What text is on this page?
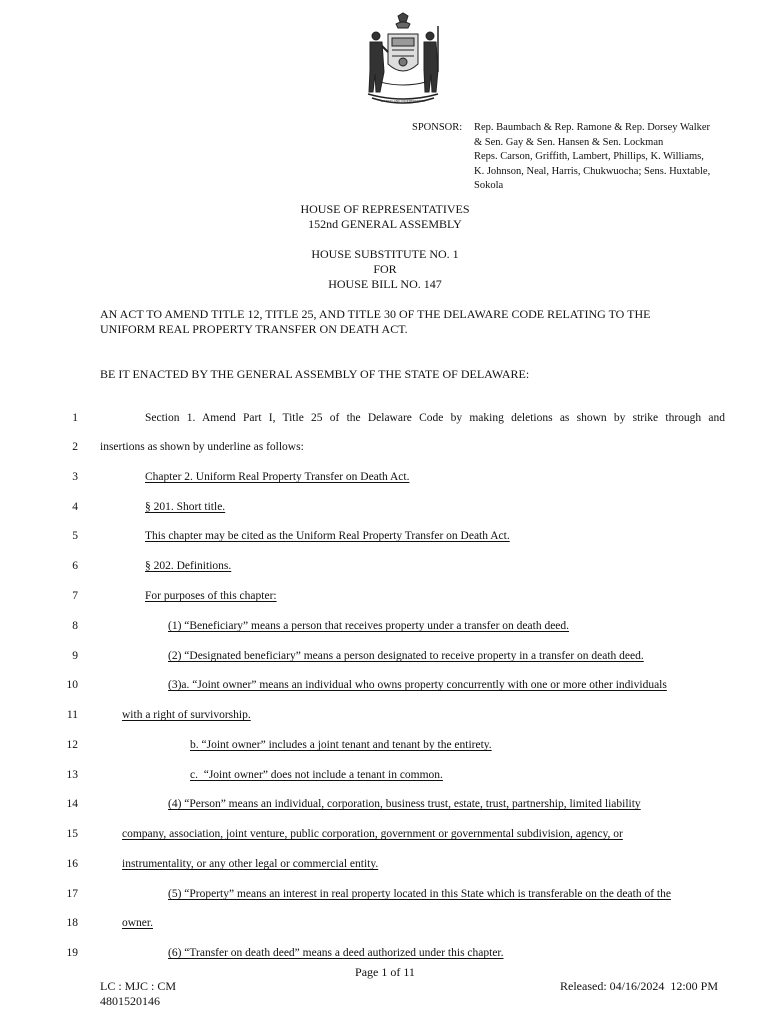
LIBERTY AND INDEPENDENCE
SPONSOR: Rep. Baumbach & Rep. Ramone & Rep. Dorsey Walker
& Sen. Gay & Sen. Hansen & Sen. Lockman
Reps. Carson, Griffith, Lambert, Phillips, K. Williams,
K. Johnson, Neal, Harris, Chukwuocha; Sens. Huxtable,
Sokola
HOUSE OF REPRESENTATIVES
152nd GENERAL ASSEMBLY
HOUSE SUBSTITUTE NO. 1
FOR
HOUSE BILL NO. 147
AN ACT TO AMEND TITLE 12, TITLE 25, AND TITLE 30 OF THE DELAWARE CODE RELATING TO THE
UNIFORM REAL PROPERTY TRANSFER ON DEATH ACT.
BE IT ENACTED BY THE GENERAL ASSEMBLY OF THE STATE OF DELAWARE:
1	Section 1. Amend Part I, Title 25 of the Delaware Code by making deletions as shown by strike through and
2 insertions as shown by underline as follows:
3	Chapter 2. Uniform Real Property Transfer on Death Act.
4	§ 201. Short title.
5	This chapter may be cited as the Uniform Real Property Transfer on Death Act.
6	§ 202. Definitions.
7	For purposes of this chapter:
8	(1) “Beneficiary” means a person that receives property under a transfer on death deed.
9	(2) “Designated beneficiary” means a person designated to receive property in a transfer on death deed.
10	(3)a. “Joint owner” means an individual who owns property concurrently with one or more other individuals
11	with a right of survivorship.
12	b. “Joint owner” includes a joint tenant and tenant by the entirety.
13	c.  “Joint owner” does not include a tenant in common.
14	(4) “Person” means an individual, corporation, business trust, estate, trust, partnership, limited liability
15	company, association, joint venture, public corporation, government or governmental subdivision, agency, or
16	instrumentality, or any other legal or commercial entity.
17	(5) “Property” means an interest in real property located in this State which is transferable on the death of the
18	owner.
19	(6) “Transfer on death deed” means a deed authorized under this chapter.
Page 1 of 11
LC : MJC : CM
4801520146
Released: 04/16/2024  12:00 PM
